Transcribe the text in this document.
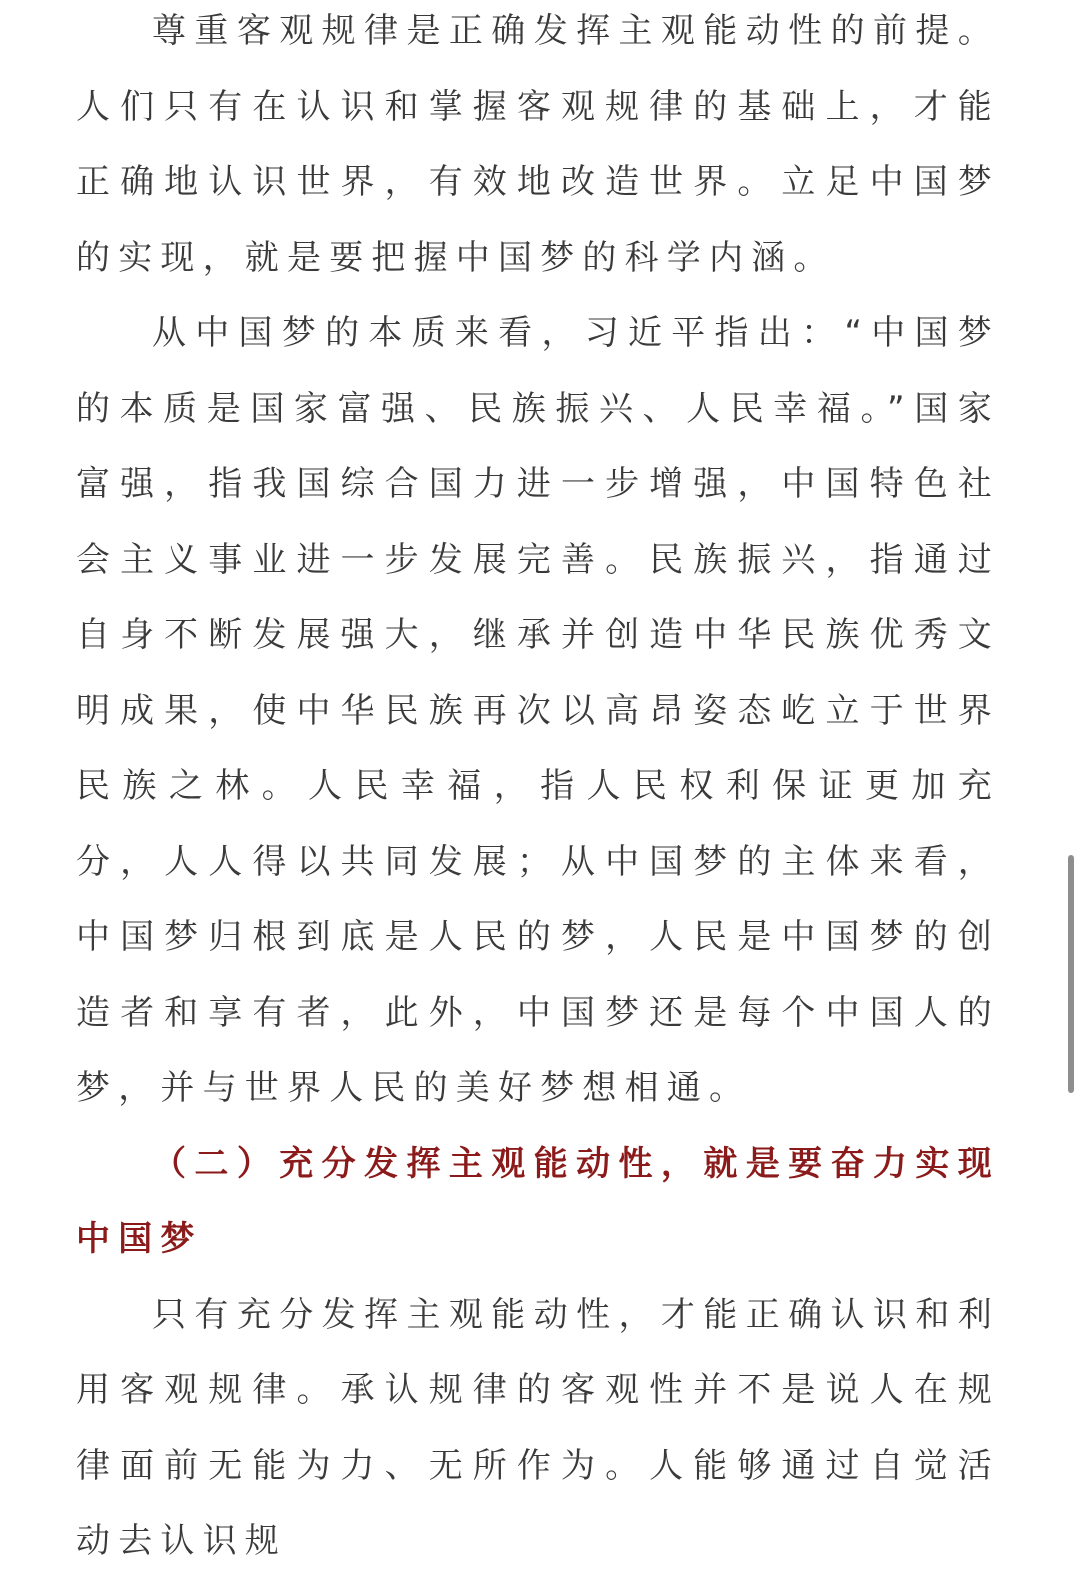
尊重客观规律是正确发挥主观能动性的前提。人们只有在认识和掌握客观规律的基础上，才能正确地认识世界，有效地改造世界。立足中国梦的实现，就是要把握中国梦的科学内涵。

从中国梦的本质来看，习近平指出：“中国梦的本质是国家富强、民族振兴、人民幸福。”国家富强，指我国综合国力进一步增强，中国特色社会主义事业进一步发展完善。民族振兴，指通过自身不断发展强大，继承并创造中华民族优秀文明成果，使中华民族再次以高昂姿态屹立于世界民族之林。人民幸福，指人民权利保证更加充分，人人得以共同发展；从中国梦的主体来看，中国梦归根到底是人民的梦，人民是中国梦的创造者和享有者，此外，中国梦还是每个中国人的梦，并与世界人民的美好梦想相通。

（二）充分发挥主观能动性，就是要奋力实现中国梦

只有充分发挥主观能动性，才能正确认识和利用客观规律。承认规律的客观性并不是说人在规律面前无能为力、无所作为。人能够通过自觉活动去认识规
